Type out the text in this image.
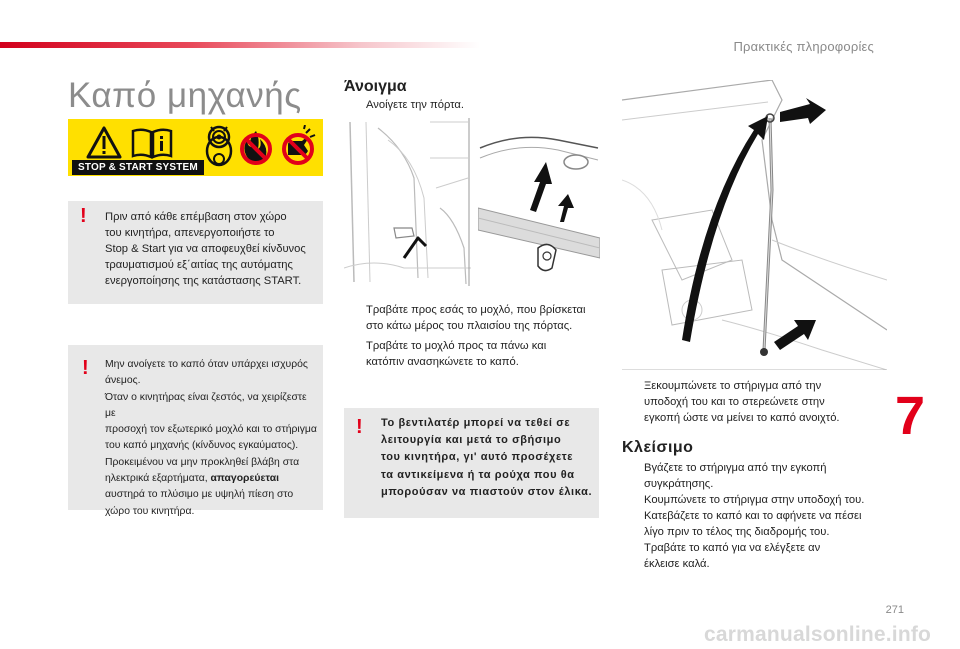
Πρακτικές πληροφορίες
Καπό μηχανής
STOP & START SYSTEM
! Πριν από κάθε επέμβαση στον χώρο
του κινητήρα, απενεργοποιήστε το
Stop & Start για να αποφευχθεί κίνδυνος
τραυματισμού εξ΄αιτίας της αυτόματης
ενεργοποίησης της κατάστασης START.
! Μην ανοίγετε το καπό όταν υπάρχει ισχυρός
άνεμος.
Όταν ο κινητήρας είναι ζεστός, να χειρίζεστε με
προσοχή τον εξωτερικό μοχλό και το στήριγμα
του καπό μηχανής (κίνδυνος εγκαύματος).
Προκειμένου να μην προκληθεί βλάβη στα
ηλεκτρικά εξαρτήματα, απαγορεύεται
αυστηρά το πλύσιμο με υψηλή πίεση στο
χώρο του κινητήρα.
Άνοιγμα
Ανοίγετε την πόρτα.
Τραβάτε προς εσάς το μοχλό, που βρίσκεται
στο κάτω μέρος του πλαισίου της πόρτας.
Τραβάτε το μοχλό προς τα πάνω και
κατόπιν ανασηκώνετε το καπό.
! Το βεντιλατέρ μπορεί να τεθεί σε
λειτουργία και μετά το σβήσιμο
του κινητήρα, γι' αυτό προσέχετε
τα αντικείμενα ή τα ρούχα που θα
μπορούσαν να πιαστούν στον έλικα.
Ξεκουμπώνετε το στήριγμα από την
υποδοχή του και το στερεώνετε στην
εγκοπή ώστε να μείνει το καπό ανοιχτό.
Κλείσιμο
Βγάζετε το στήριγμα από την εγκοπή
συγκράτησης.
Κουμπώνετε το στήριγμα στην υποδοχή του.
Κατεβάζετε το καπό και το αφήνετε να πέσει
λίγο πριν το τέλος της διαδρομής του.
Τραβάτε το καπό για να ελέγξετε αν
έκλεισε καλά.
7
271
carmanualsonline.info
